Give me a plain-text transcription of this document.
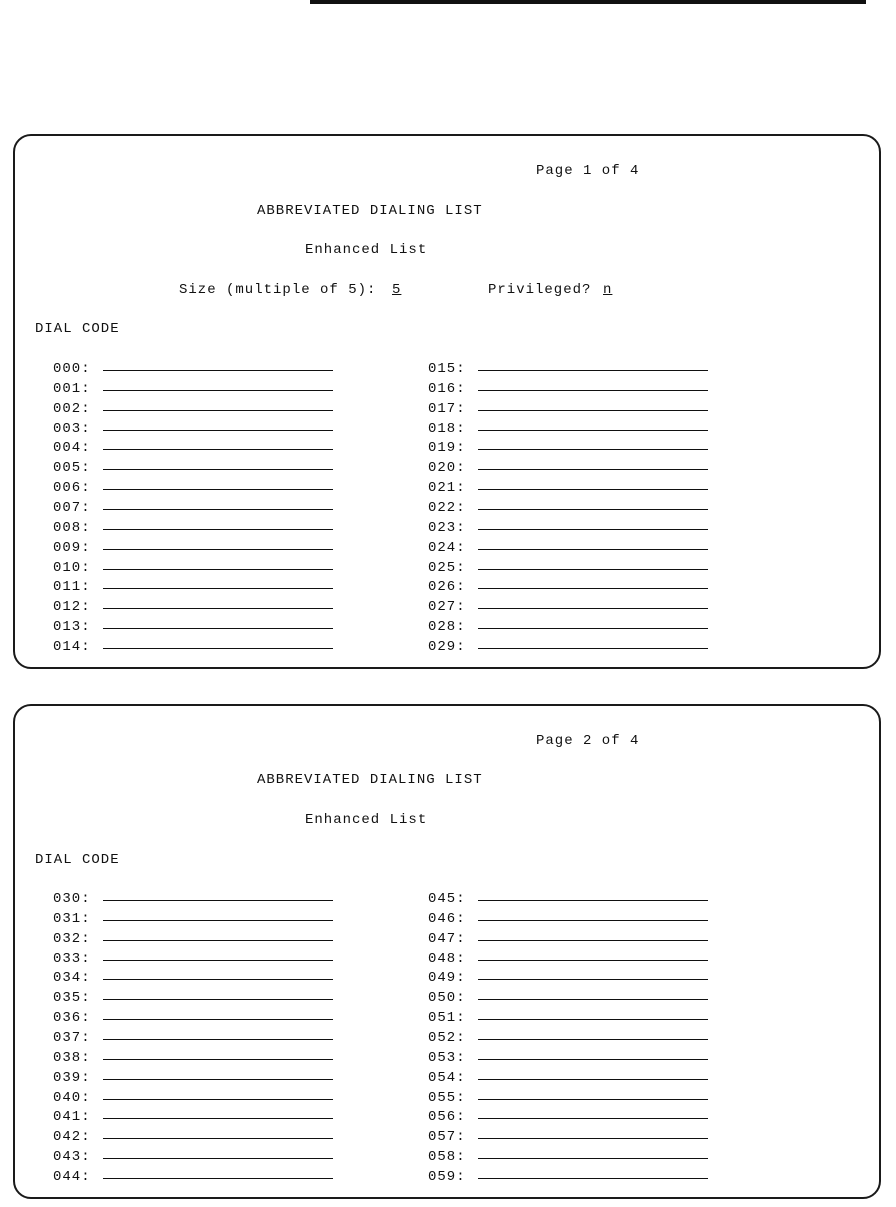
Page 1 of 4
ABBREVIATED DIALING LIST
Enhanced List
Size (multiple of 5): 5	Privileged? n
DIAL CODE
000:
001:
002:
003:
004:
005:
006:
007:
008:
009:
010:
011:
012:
013:
014:
015:
016:
017:
018:
019:
020:
021:
022:
023:
024:
025:
026:
027:
028:
029:
Page 2 of 4
ABBREVIATED DIALING LIST
Enhanced List
DIAL CODE
030:
031:
032:
033:
034:
035:
036:
037:
038:
039:
040:
041:
042:
043:
044:
045:
046:
047:
048:
049:
050:
051:
052:
053:
054:
055:
056:
057:
058:
059:
